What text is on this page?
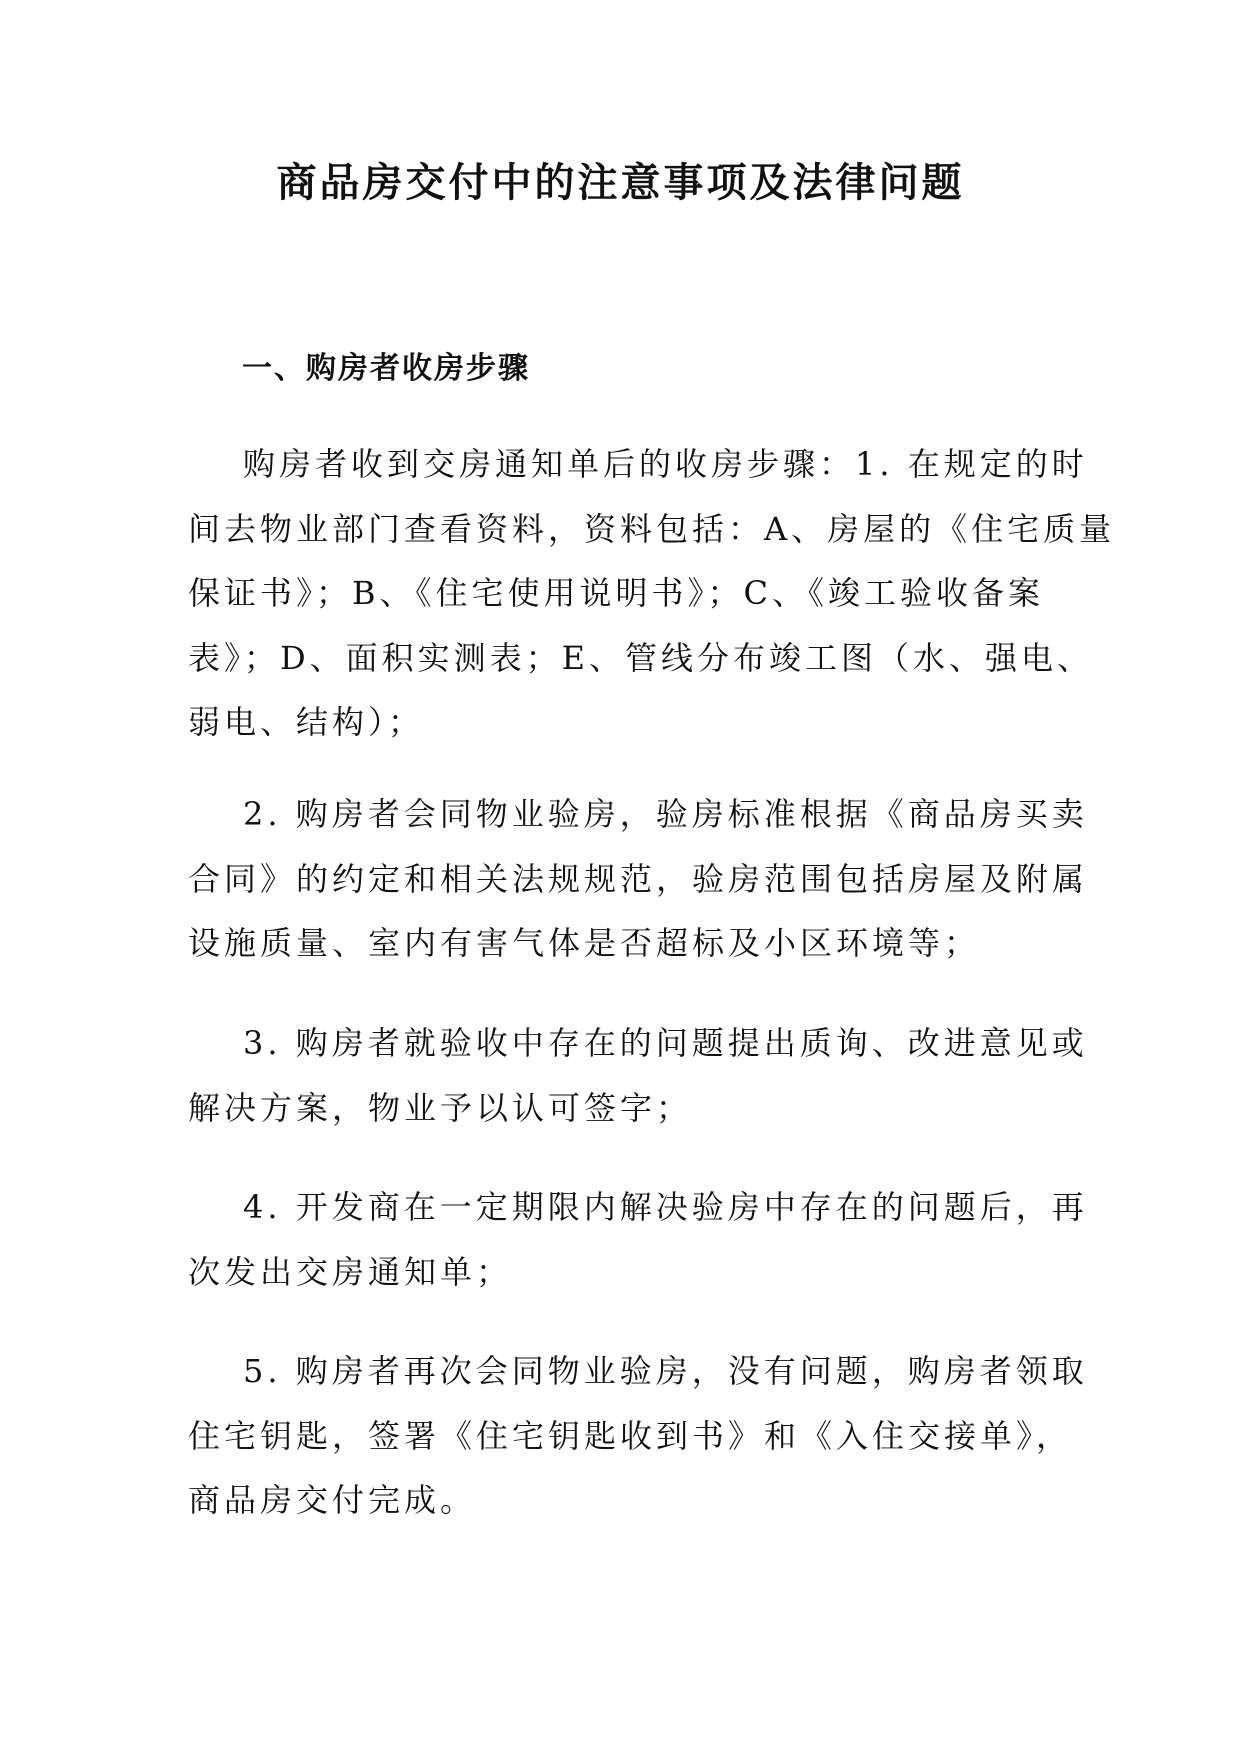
商品房交付中的注意事项及法律问题
一、购房者收房步骤
购房者收到交房通知单后的收房步骤：1. 在规定的时
间去物业部门查看资料，资料包括：A、房屋的《住宅质量
保证书》；B、《住宅使用说明书》；C、《竣工验收备案
表》；D、面积实测表；E、管线分布竣工图（水、强电、
弱电、结构）；
2. 购房者会同物业验房，验房标准根据《商品房买卖
合同》的约定和相关法规规范，验房范围包括房屋及附属
设施质量、室内有害气体是否超标及小区环境等；
3. 购房者就验收中存在的问题提出质询、改进意见或
解决方案，物业予以认可签字；
4. 开发商在一定期限内解决验房中存在的问题后，再
次发出交房通知单；
5. 购房者再次会同物业验房，没有问题，购房者领取
住宅钥匙，签署《住宅钥匙收到书》和《入住交接单》，
商品房交付完成。
